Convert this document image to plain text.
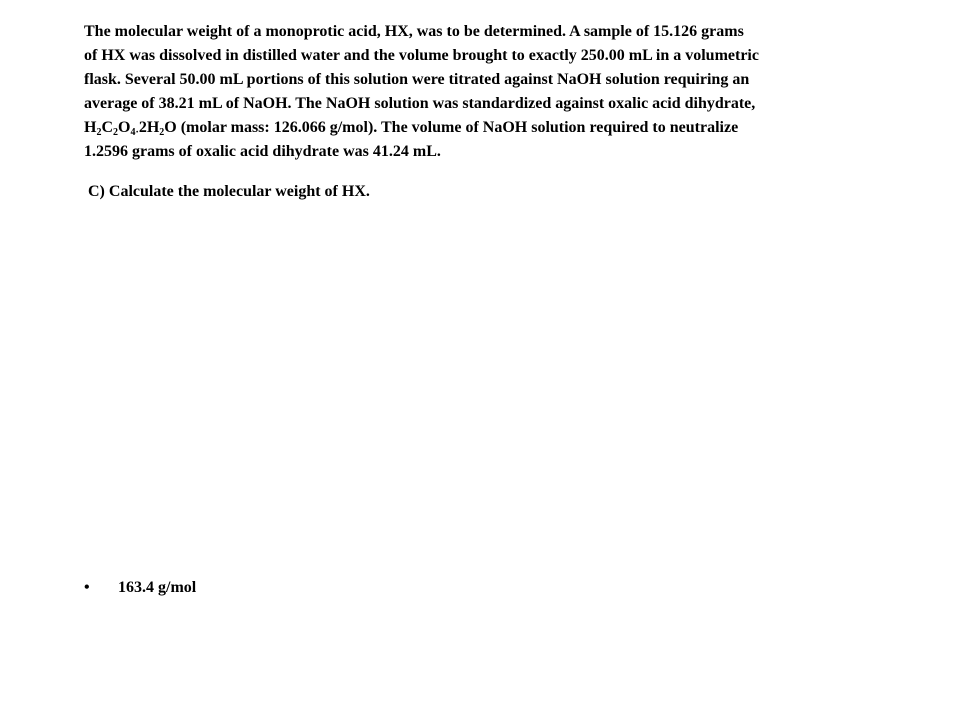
The molecular weight of a monoprotic acid, HX, was to be determined. A sample of 15.126 grams
of HX was dissolved in distilled water and the volume brought to exactly 250.00 mL in a volumetric
flask. Several 50.00 mL portions of this solution were titrated against NaOH solution requiring an
average of 38.21 mL of NaOH. The NaOH solution was standardized against oxalic acid dihydrate,
$H_2C_2O_{4\cdot}2H_2O$ (molar mass: 126.066 g/mol). The volume of NaOH solution required to neutralize
1.2596 grams of oxalic acid dihydrate was 41.24 mL.
C) Calculate the molecular weight of HX.
• 163.4 g/mol
